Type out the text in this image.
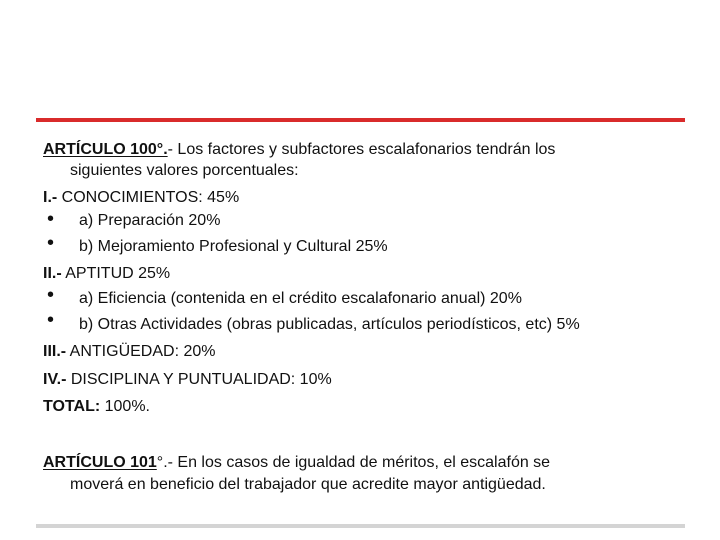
ARTÍCULO 100°.- Los factores y subfactores escalafonarios tendrán los
siguientes valores porcentuales:
I.- CONOCIMIENTOS: 45%
• a) Preparación 20%
• b) Mejoramiento Profesional y Cultural 25%
II.- APTITUD 25%
• a) Eficiencia (contenida en el crédito escalafonario anual) 20%
• b) Otras Actividades (obras publicadas, artículos periodísticos, etc) 5%
III.- ANTIGÜEDAD: 20%
IV.- DISCIPLINA Y PUNTUALIDAD: 10%
TOTAL: 100%.
ARTÍCULO 101°.- En los casos de igualdad de méritos, el escalafón se
moverá en beneficio del trabajador que acredite mayor antigüedad.
